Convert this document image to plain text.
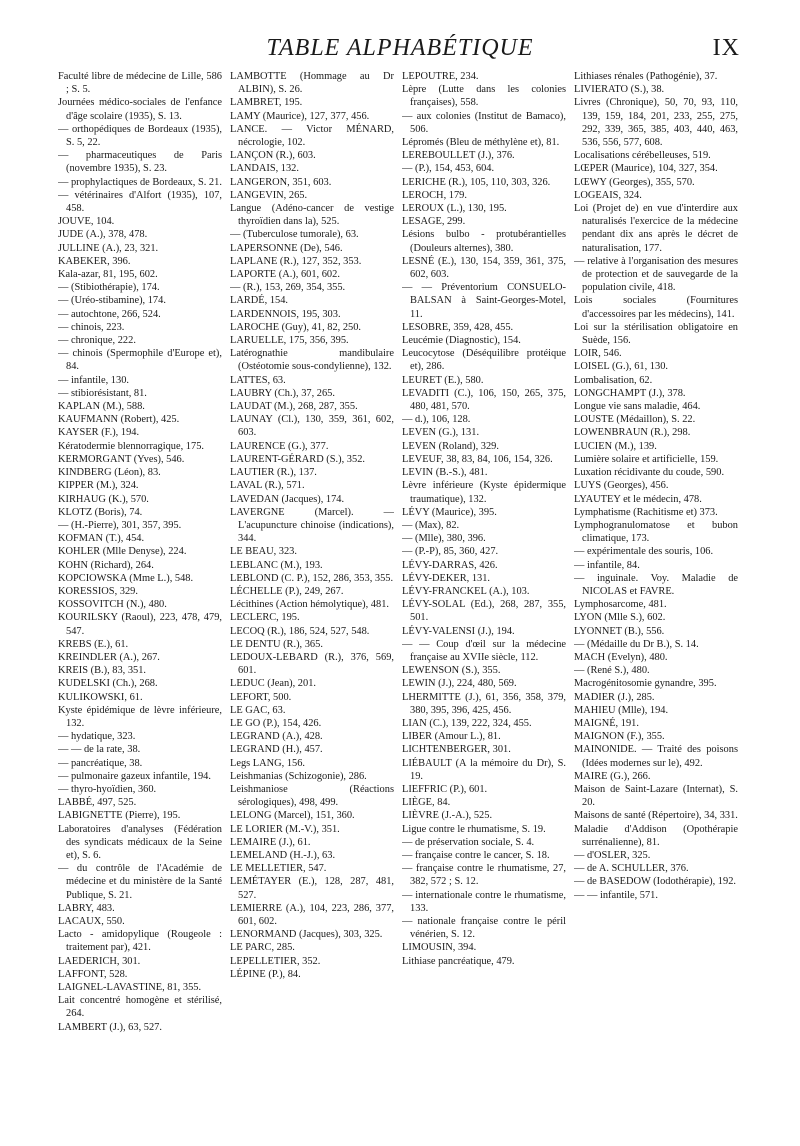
TABLE ALPHABÉTIQUE	IX
Faculté libre de médecine de Lille, 586 ; S. 5.
Journées médico-sociales de l'enfance d'âge scolaire (1935), S. 13.
— orthopédiques de Bordeaux (1935), S. 5, 22.
— pharmaceutiques de Paris (novembre 1935), S. 23.
— prophylactiques de Bordeaux, S. 21.
— vétérinaires d'Alfort (1935), 107, 458.
JOUVE, 104.
JUDE (A.), 378, 478.
JULLINE (A.), 23, 321.
KABEKER, 396.
Kala-azar, 81, 195, 602.
— (Stibiothérapie), 174.
— (Uréo-stibamine), 174.
— autochtone, 266, 524.
— chinois, 223.
— chronique, 222.
— chinois (Spermophile d'Europe et), 84.
— infantile, 130.
— stibiorésistant, 81.
KAPLAN (M.), 588.
KAUFMANN (Robert), 425.
KAYSER (F.), 194.
Kératodermie blennorragique, 175.
KERMORGANT (Yves), 546.
KINDBERG (Léon), 83.
KIPPER (M.), 324.
KIRHAUG (K.), 570.
KLOTZ (Boris), 74.
— (H.-Pierre), 301, 357, 395.
KOFMAN (T.), 454.
KOHLER (Mlle Denyse), 224.
KOHN (Richard), 264.
KOPCIOWSKA (Mme L.), 548.
KORESSIOS, 329.
KOSSOVITCH (N.), 480.
KOURILSKY (Raoul), 223, 478, 479, 547.
KREBS (E.), 61.
KREINDLER (A.), 267.
KREIS (B.), 83, 351.
KUDELSKI (Ch.), 268.
KULIKOWSKI, 61.
Kyste épidémique de lèvre inférieure, 132.
— hydatique, 323.
— — de la rate, 38.
— pancréatique, 38.
— pulmonaire gazeux infantile, 194.
— thyro-hyoïdien, 360.
LABBÉ, 497, 525.
LABIGNETTE (Pierre), 195.
Laboratoires d'analyses (Fédération des syndicats médicaux de la Seine et), S. 6.
— du contrôle de l'Académie de médecine et du ministère de la Santé Publique, S. 21.
LABRY, 483.
LACAUX, 550.
Lacto - amidopylique (Rougeole : traitement par), 421.
LAEDERICH, 301.
LAFFONT, 528.
LAIGNEL-LAVASTINE, 81, 355.
Lait concentré homogène et stérilisé, 264.
LAMBERT (J.), 63, 527.
LAMBOTTE (Hommage au Dr ALBIN), S. 26.
LAMBRET, 195.
LAMY (Maurice), 127, 377, 456.
LANCE. — Victor MÉNARD, nécrologie, 102.
LANÇON (R.), 603.
LANDAIS, 132.
LANGERON, 351, 603.
LANGEVIN, 265.
Langue (Adéno-cancer de vestige thyroïdien dans la), 525.
— (Tuberculose tumorale), 63.
LAPERSONNE (De), 546.
LAPLANE (R.), 127, 352, 353.
LAPORTE (A.), 601, 602.
— (R.), 153, 269, 354, 355.
LARDÉ, 154.
LARDENNOIS, 195, 303.
LAROCHE (Guy), 41, 82, 250.
LARUELLE, 175, 356, 395.
Latérognathie mandibulaire (Ostéotomie sous-condylienne), 132.
LATTES, 63.
LAUBRY (Ch.), 37, 265.
LAUDAT (M.), 268, 287, 355.
LAUNAY (Cl.), 130, 359, 361, 602, 603.
LAURENCE (G.), 377.
LAURENT-GÉRARD (S.), 352.
LAUTIER (R.), 137.
LAVAL (R.), 571.
LAVEDAN (Jacques), 174.
LAVERGNE (Marcel). — L'acupuncture chinoise (indications), 344.
LE BEAU, 323.
LEBLANC (M.), 193.
LEBLOND (C. P.), 152, 286, 353, 355.
LÉCHELLE (P.), 249, 267.
Lécithines (Action hémolytique), 481.
LECLERC, 195.
LECOQ (R.), 186, 524, 527, 548.
LE DENTU (R.), 365.
LEDOUX-LEBARD (R.), 376, 569, 601.
LEDUC (Jean), 201.
LEFORT, 500.
LE GAC, 63.
LE GO (P.), 154, 426.
LEGRAND (A.), 428.
LEGRAND (H.), 457.
Legs LANG, 156.
Leishmanias (Schizogonie), 286.
Leishmaniose (Réactions sérologiques), 498, 499.
LELONG (Marcel), 151, 360.
LE LORIER (M.-V.), 351.
LEMAIRE (J.), 61.
LEMELAND (H.-J.), 63.
LE MELLETIER, 547.
LEMÉTAYER (E.), 128, 287, 481, 527.
LEMIERRE (A.), 104, 223, 286, 377, 601, 602.
LENORMAND (Jacques), 303, 325.
LE PARC, 285.
LEPELLETIER, 352.
LÉPINE (P.), 84.
LEPOUTRE, 234.
Lèpre (Lutte dans les colonies françaises), 558.
— aux colonies (Institut de Bamaco), 506.
Lépromés (Bleu de méthylène et), 81.
LEREBOULLET (J.), 376.
— (P.), 154, 453, 604.
LERICHE (R.), 105, 110, 303, 326.
LEROCH, 179.
LEROUX (L.), 130, 195.
LESAGE, 299.
Lésions bulbo - protubérantielles (Douleurs alternes), 380.
LESNÉ (E.), 130, 154, 359, 361, 375, 602, 603.
— — Préventorium CONSUELO-BALSAN à Saint-Georges-Motel, 11.
LESOBRE, 359, 428, 455.
Leucémie (Diagnostic), 154.
Leucocytose (Déséquilibre protéique et), 286.
LEURET (E.), 580.
LEVADITI (C.), 106, 150, 265, 375, 480, 481, 570.
— d.), 106, 128.
LEVEN (G.), 131.
LEVEN (Roland), 329.
LEVEUF, 38, 83, 84, 106, 154, 326.
LEVIN (B.-S.), 481.
Lèvre inférieure (Kyste épidermique traumatique), 132.
LÉVY (Maurice), 395.
— (Max), 82.
— (Mlle), 380, 396.
— (P.-P), 85, 360, 427.
LÉVY-DARRAS, 426.
LÉVY-DEKER, 131.
LÉVY-FRANCKEL (A.), 103.
LÉVY-SOLAL (Ed.), 268, 287, 355, 501.
LÉVY-VALENSI (J.), 194.
— — Coup d'œil sur la médecine française au XVIIe siècle, 112.
LEWENSON (S.), 355.
LEWIN (J.), 224, 480, 569.
LHERMITTE (J.), 61, 356, 358, 379, 380, 395, 396, 425, 456.
LIAN (C.), 139, 222, 324, 455.
LIBER (Amour L.), 81.
LICHTENBERGER, 301.
LIÉBAULT (A la mémoire du Dr), S. 19.
LIEFFRIC (P.), 601.
LIÈGE, 84.
LIÈVRE (J.-A.), 525.
Ligue contre le rhumatisme, S. 19.
— de préservation sociale, S. 4.
— française contre le cancer, S. 18.
— française contre le rhumatisme, 27, 382, 572 ; S. 12.
— internationale contre le rhumatisme, 133.
— nationale française contre le péril vénérien, S. 12.
LIMOUSIN, 394.
Lithiase pancréatique, 479.
Lithiases rénales (Pathogénie), 37.
LIVIERATO (S.), 38.
Livres (Chronique), 50, 70, 93, 110, 139, 159, 184, 201, 233, 255, 275, 292, 339, 365, 385, 403, 440, 463, 536, 556, 577, 608.
Localisations cérébelleuses, 519.
LŒPER (Maurice), 104, 327, 354.
LŒWY (Georges), 355, 570.
LOGEAIS, 324.
Loi (Projet de) en vue d'interdire aux naturalisés l'exercice de la médecine pendant dix ans après le décret de naturalisation, 177.
— relative à l'organisation des mesures de protection et de sauvegarde de la population civile, 418.
Lois sociales (Fournitures d'accessoires par les médecins), 141.
Loi sur la stérilisation obligatoire en Suède, 156.
LOIR, 546.
LOISEL (G.), 61, 130.
Lombalisation, 62.
LONGCHAMPT (J.), 378.
Longue vie sans maladie, 464.
LOUSTE (Médaillon), S. 22.
LOWENBRAUN (R.), 298.
LUCIEN (M.), 139.
Lumière solaire et artificielle, 159.
Luxation récidivante du coude, 590.
LUYS (Georges), 456.
LYAUTEY et le médecin, 478.
Lymphatisme (Rachitisme et) 373.
Lymphogranulomatose et bubon climatique, 173.
— expérimentale des souris, 106.
— infantile, 84.
— inguinale. Voy. Maladie de NICOLAS et FAVRE.
Lymphosarcome, 481.
LYON (Mlle S.), 602.
LYONNET (B.), 556.
— (Médaille du Dr B.), S. 14.
MACH (Evelyn), 480.
— (René S.), 480.
Macrogénitosomie gynandre, 395.
MADIER (J.), 285.
MAHIEU (Mlle), 194.
MAIGNÉ, 191.
MAIGNON (F.), 355.
MAINONIDE. — Traité des poisons (Idées modernes sur le), 492.
MAIRE (G.), 266.
Maison de Saint-Lazare (Internat), S. 20.
Maisons de santé (Répertoire), 34, 331.
Maladie d'Addison (Opothérapie surrénalienne), 81.
— d'OSLER, 325.
— de A. SCHULLER, 376.
— de BASEDOW (Iodothérapie), 192.
— — infantile, 571.
